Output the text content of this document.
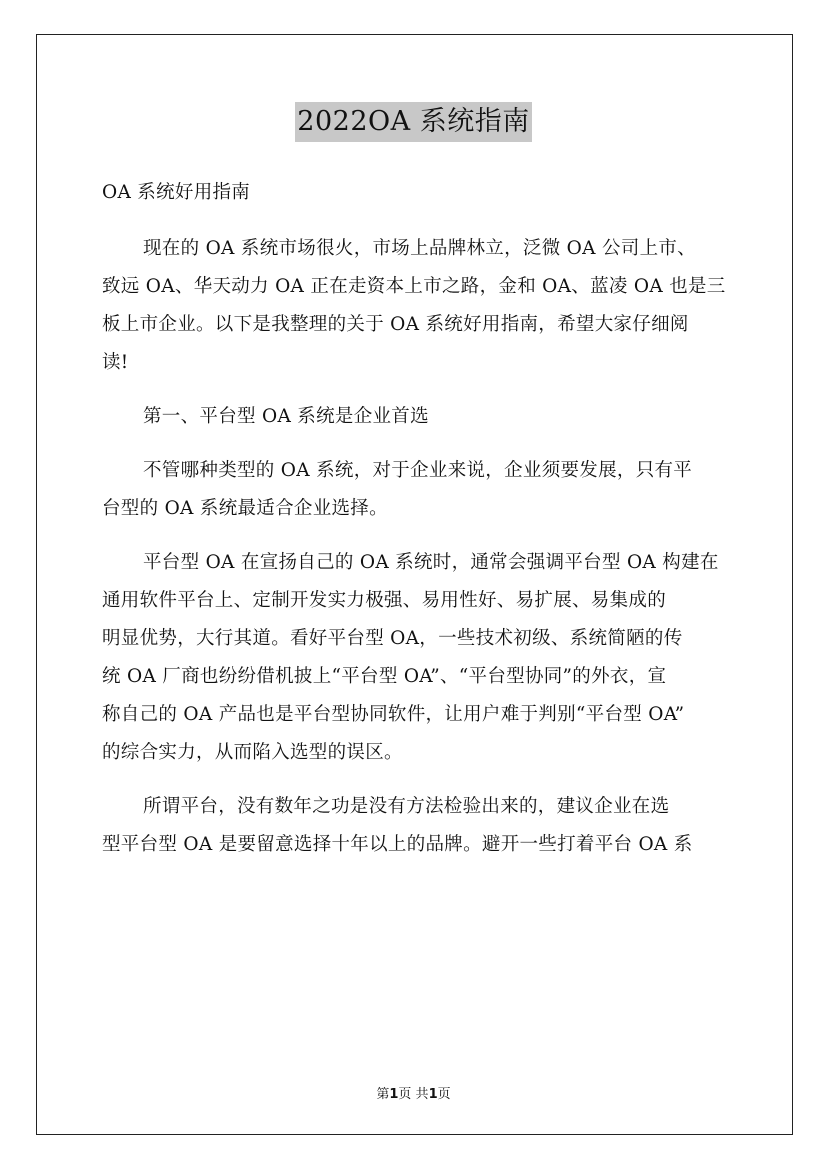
2022OA 系统指南
OA 系统好用指南
现在的 OA 系统市场很火，市场上品牌林立，泛微 OA 公司上市、
致远 OA、华天动力 OA 正在走资本上市之路，金和 OA、蓝凌 OA 也是三
板上市企业。以下是我整理的关于 OA 系统好用指南，希望大家仔细阅
读!
第一、平台型 OA 系统是企业首选
不管哪种类型的 OA 系统，对于企业来说，企业须要发展，只有平
台型的 OA 系统最适合企业选择。
平台型 OA 在宣扬自己的 OA 系统时，通常会强调平台型 OA 构建在
通用软件平台上、定制开发实力极强、易用性好、易扩展、易集成的
明显优势，大行其道。看好平台型 OA，一些技术初级、系统简陋的传
统 OA 厂商也纷纷借机披上“平台型 OA”、“平台型协同”的外衣，宣
称自己的 OA 产品也是平台型协同软件，让用户难于判别“平台型 OA”
的综合实力，从而陷入选型的误区。
所谓平台，没有数年之功是没有方法检验出来的，建议企业在选
型平台型 OA 是要留意选择十年以上的品牌。避开一些打着平台 OA 系
第1页 共1页
